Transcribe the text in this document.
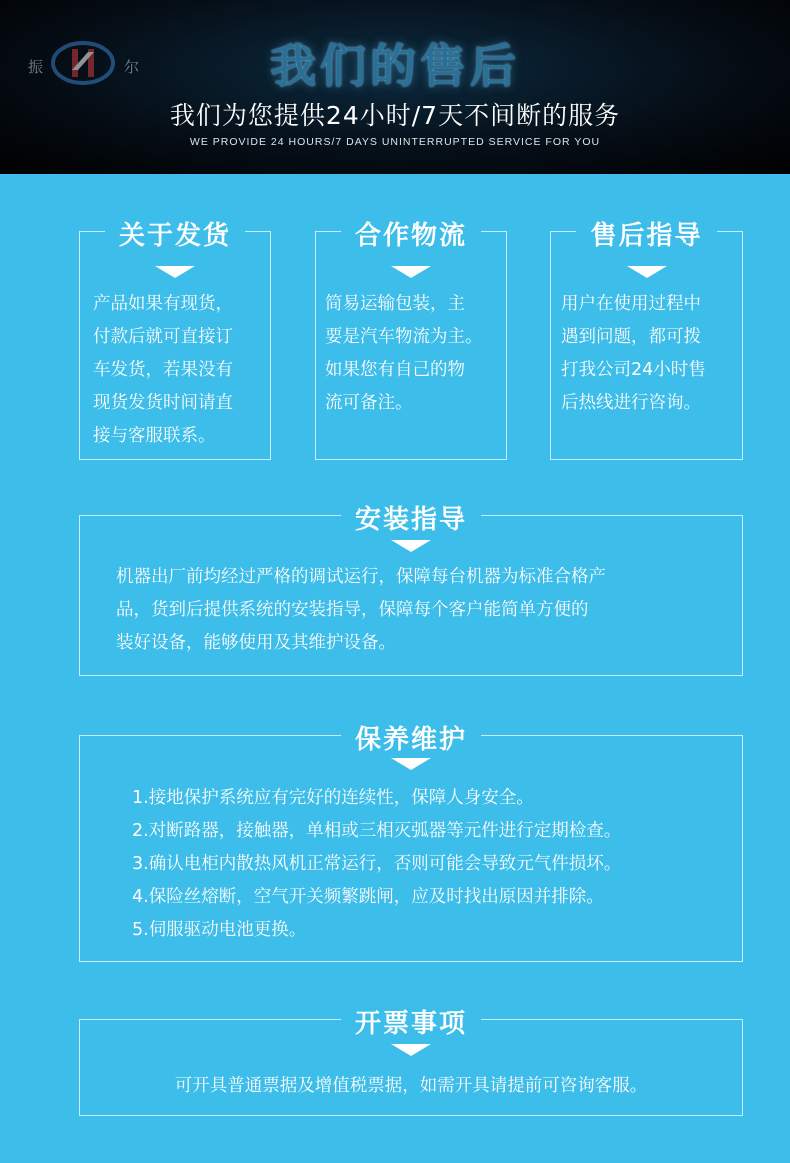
振	尔	我们的售后
我们为您提供24小时/7天不间断的服务
WE PROVIDE 24 HOURS/7 DAYS UNINTERRUPTED SERVICE FOR YOU
关于发货
产品如果有现货，
付款后就可直接订
车发货，若果没有
现货发货时间请直
接与客服联系。
合作物流
简易运输包装，主
要是汽车物流为主。
如果您有自己的物
流可备注。
售后指导
用户在使用过程中
遇到问题，都可拨
打我公司24小时售
后热线进行咨询。
安装指导
机器出厂前均经过严格的调试运行，保障每台机器为标准合格产
品，货到后提供系统的安装指导，保障每个客户能简单方便的
装好设备，能够使用及其维护设备。
保养维护
1.接地保护系统应有完好的连续性，保障人身安全。
2.对断路器，接触器，单相或三相灭弧器等元件进行定期检查。
3.确认电柜内散热风机正常运行，否则可能会导致元气件损坏。
4.保险丝熔断，空气开关频繁跳闸，应及时找出原因并排除。
5.伺服驱动电池更换。
开票事项
可开具普通票据及增值税票据，如需开具请提前可咨询客服。
